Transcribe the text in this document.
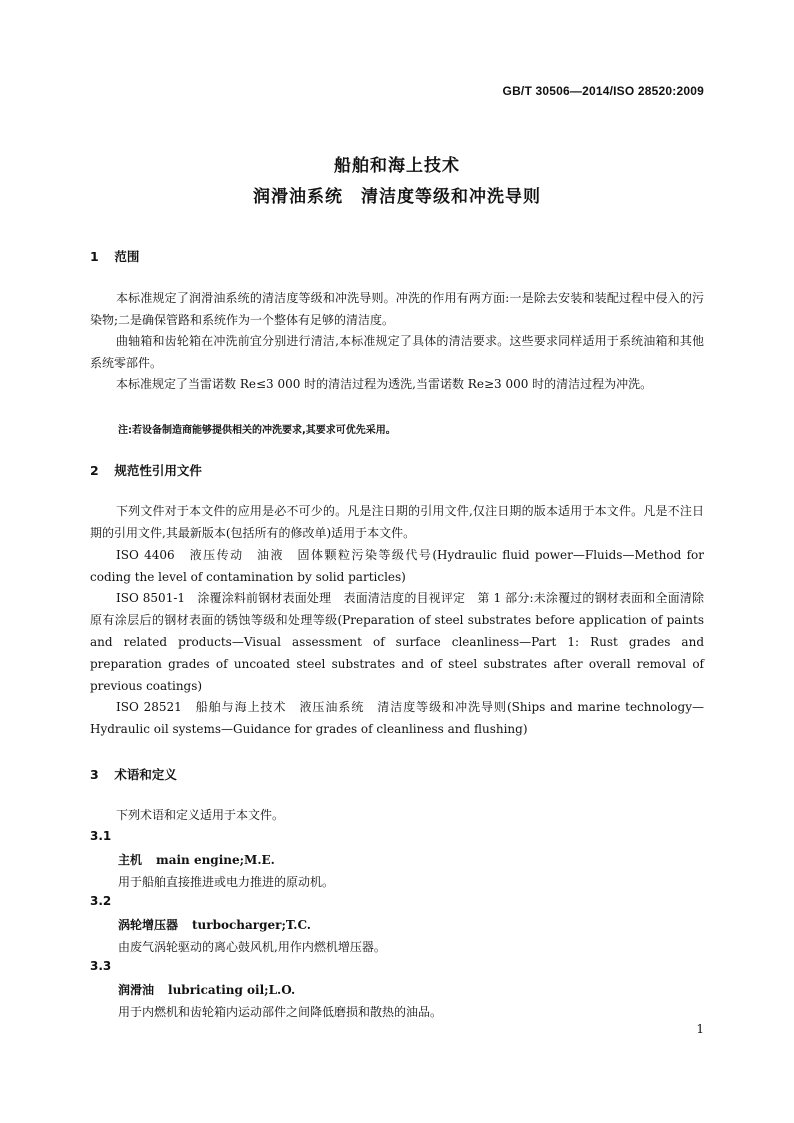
GB/T 30506—2014/ISO 28520:2009
船舶和海上技术
润滑油系统　清洁度等级和冲洗导则
1 范围

本标准规定了润滑油系统的清洁度等级和冲洗导则。冲洗的作用有两方面:一是除去安装和装配过程中侵入的污染物;二是确保管路和系统作为一个整体有足够的清洁度。

曲轴箱和齿轮箱在冲洗前宜分别进行清洁,本标准规定了具体的清洁要求。这些要求同样适用于系统油箱和其他系统零部件。

本标准规定了当雷诺数 Re≤3 000 时的清洁过程为透洗,当雷诺数 Re≥3 000 时的清洁过程为冲洗。

注:若设备制造商能够提供相关的冲洗要求,其要求可优先采用。
2 规范性引用文件

下列文件对于本文件的应用是必不可少的。凡是注日期的引用文件,仅注日期的版本适用于本文件。凡是不注日期的引用文件,其最新版本(包括所有的修改单)适用于本文件。

ISO 4406　液压传动　油液　固体颗粒污染等级代号(Hydraulic fluid power—Fluids—Method for coding the level of contamination by solid particles)

ISO 8501-1　涂覆涂料前钢材表面处理　表面清洁度的目视评定　第 1 部分:未涂覆过的钢材表面和全面清除原有涂层后的钢材表面的锈蚀等级和处理等级(Preparation of steel substrates before application of paints and related products—Visual assessment of surface cleanliness—Part 1: Rust grades and preparation grades of uncoated steel substrates and of steel substrates after overall removal of previous coatings)

ISO 28521　船舶与海上技术　液压油系统　清洁度等级和冲洗导则(Ships and marine technology—Hydraulic oil systems—Guidance for grades of cleanliness and flushing)

3 术语和定义

下列术语和定义适用于本文件。

3.1
主机 main engine;M.E.
用于船舶直接推进或电力推进的原动机。
3.2
涡轮增压器 turbocharger;T.C.
由废气涡轮驱动的离心鼓风机,用作内燃机增压器。
3.3
润滑油 lubricating oil;L.O.
用于内燃机和齿轮箱内运动部件之间降低磨损和散热的油品。
1
